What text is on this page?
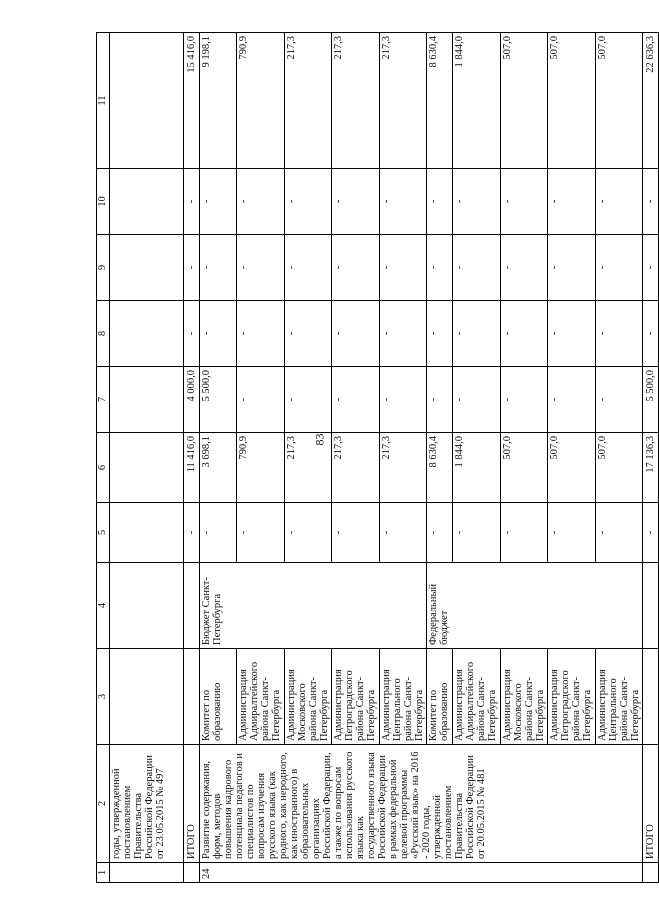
83
1	2	3	4	5	6	7	8	9	10	11
	годы, утвержденной постановлением Правительства Российской Федерации от 23.05.2015 № 497									
	ИТОГО			-	11 416,0	4 000,0	-	-	-	15 416,0
24	Развитие содержания, форм, методов повышения кадрового потенциала педагогов и специалистов по вопросам изучения русского языка (как родного, как неродного, как иностранного) в образовательных организациях Российской Федерации, а также по вопросам использования русского языка как государственного языка Российской Федерации в рамках федеральной целевой программы «Русский язык» на 2016 - 2020 годы, утвержденной постановлением Правительства Российской Федерации от 20.05.2015 № 481	Комитет по образованию	Бюджет Санкт-Петербурга	-	3 698,1	5 500,0	-	-	-	9 198,1
		Администрация Адмиралтейского района Санкт-Петербурга		-	790,9	-	-	-	-	790,9
		Администрация Московского района Санкт-Петербурга		-	217,3	-	-	-	-	217,3
		Администрация Петроградского района Санкт-Петербурга		-	217,3	-	-	-	-	217,3
		Администрация Центрального района Санкт-Петербурга		-	217,3	-	-	-	-	217,3
		Комитет по образованию	Федеральный бюджет	-	8 630,4	-	-	-	-	8 630,4
		Администрация Адмиралтейского района Санкт-Петербурга		-	1 844,0	-	-	-	-	1 844,0
		Администрация Московского района Санкт-Петербурга		-	507,0	-	-	-	-	507,0
		Администрация Петроградского района Санкт-Петербурга		-	507,0	-	-	-	-	507,0
		Администрация Центрального района Санкт-Петербурга		-	507,0	-	-	-	-	507,0
	ИТОГО			-	17 136,3	5 500,0	-	-	-	22 636,3
